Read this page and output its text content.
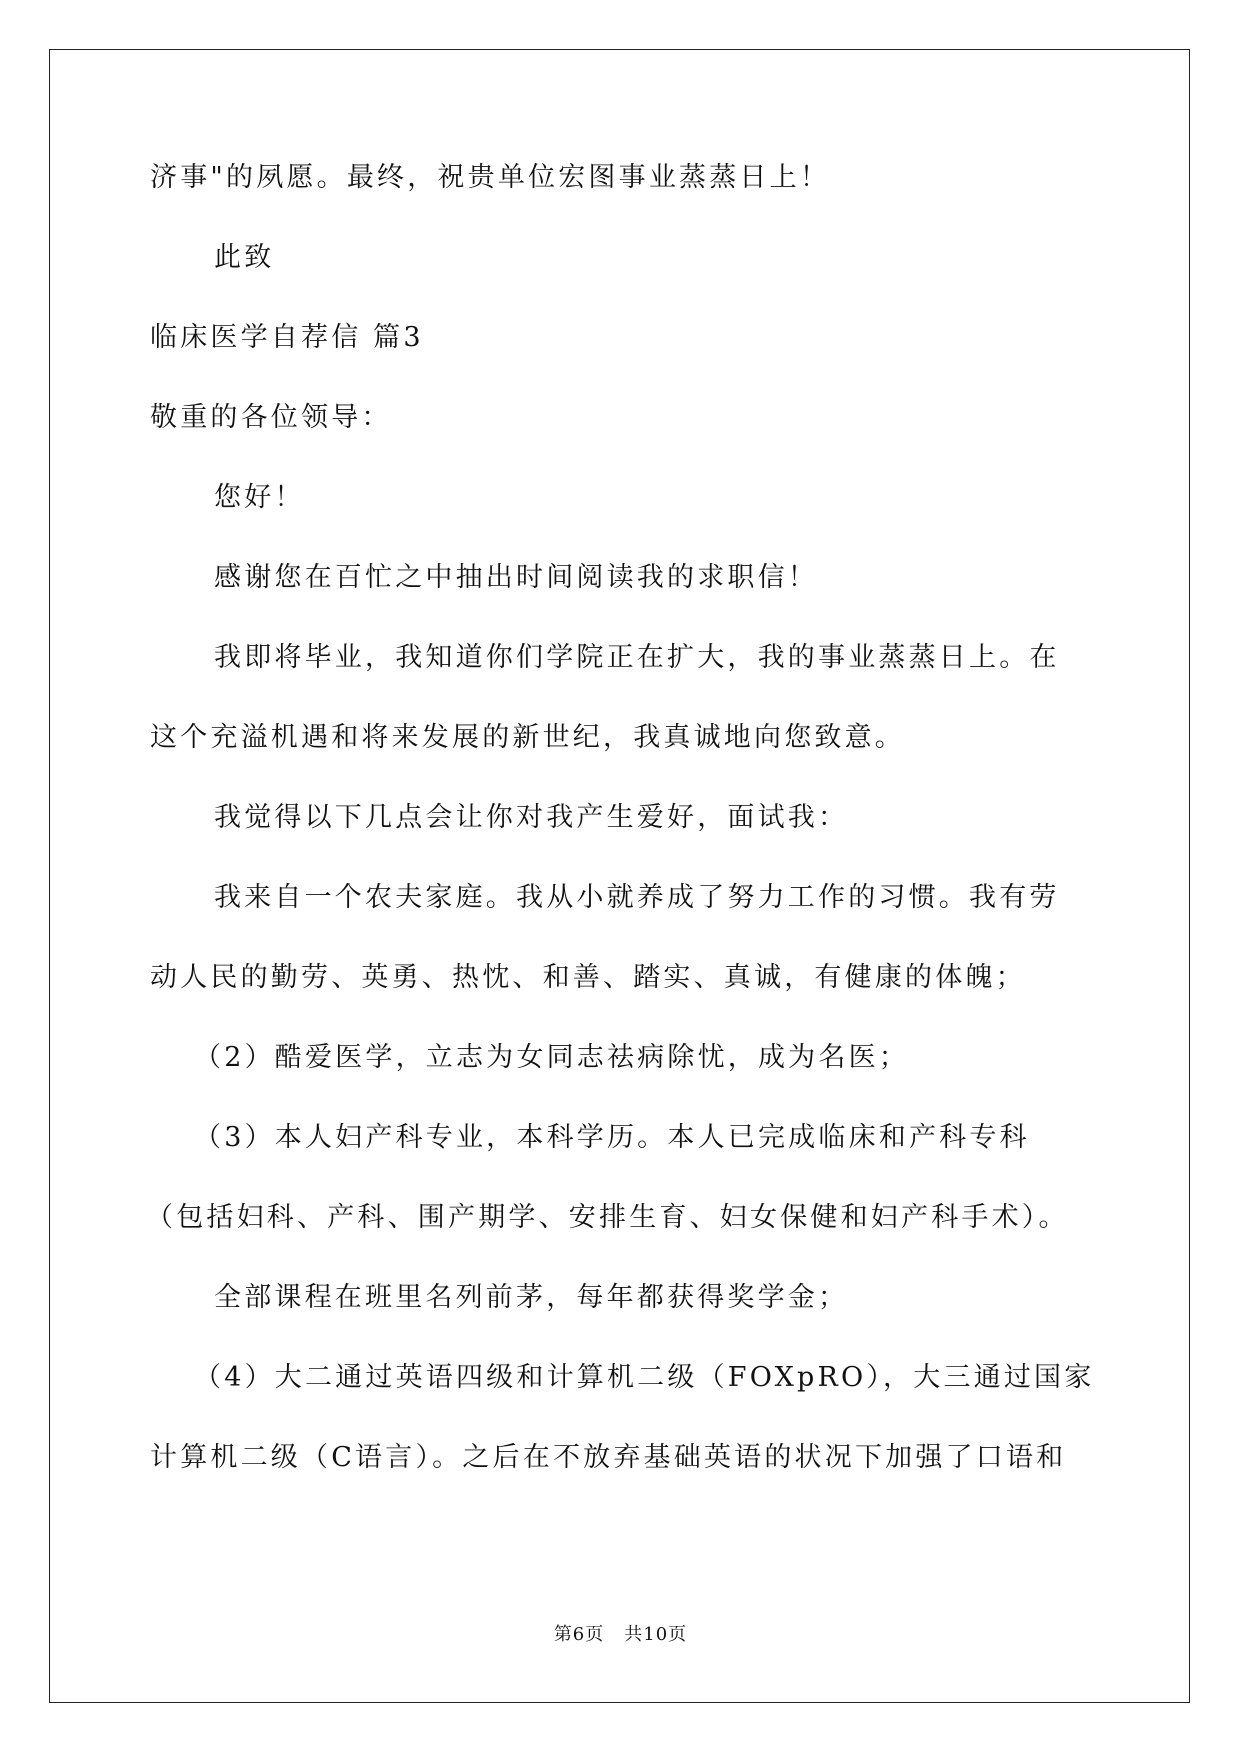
济事"的夙愿。最终，祝贵单位宏图事业蒸蒸日上！
此致
临床医学自荐信 篇3
敬重的各位领导：
您好！
感谢您在百忙之中抽出时间阅读我的求职信！
我即将毕业，我知道你们学院正在扩大，我的事业蒸蒸日上。在
这个充溢机遇和将来发展的新世纪，我真诚地向您致意。
我觉得以下几点会让你对我产生爱好，面试我：
我来自一个农夫家庭。我从小就养成了努力工作的习惯。我有劳
动人民的勤劳、英勇、热忱、和善、踏实、真诚，有健康的体魄；
（2）酷爱医学，立志为女同志祛病除忧，成为名医；
（3）本人妇产科专业，本科学历。本人已完成临床和产科专科
（包括妇科、产科、围产期学、安排生育、妇女保健和妇产科手术）。
全部课程在班里名列前茅，每年都获得奖学金；
（4）大二通过英语四级和计算机二级（FOXpRO），大三通过国家
计算机二级（C语言）。之后在不放弃基础英语的状况下加强了口语和
第6页 共10页
